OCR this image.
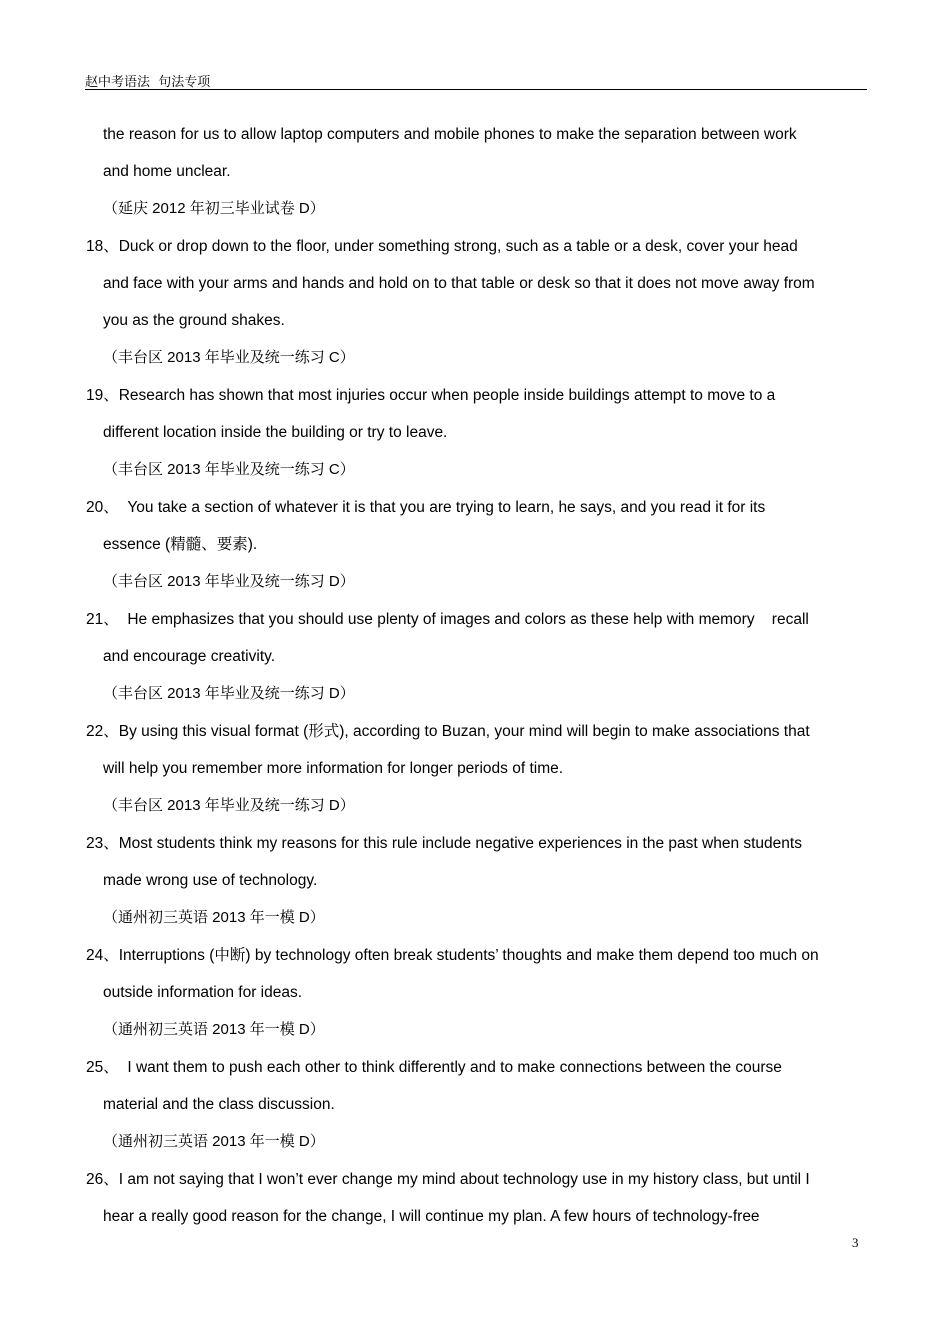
赵中考语法  句法专项
the reason for us to allow laptop computers and mobile phones to make the separation between work
and home unclear.
（延庆 2012 年初三毕业试卷 D）
18、Duck or drop down to the floor, under something strong, such as a table or a desk, cover your head
and face with your arms and hands and hold on to that table or desk so that it does not move away from
you as the ground shakes.
（丰台区 2013 年毕业及统一练习 C）
19、Research has shown that most injuries occur when people inside buildings attempt to move to a
different location inside the building or try to leave.
（丰台区 2013 年毕业及统一练习 C）
20、  You take a section of whatever it is that you are trying to learn, he says, and you read it for its
essence (精髓、要素).
（丰台区 2013 年毕业及统一练习 D）
21、  He emphasizes that you should use plenty of images and colors as these help with memory    recall
and encourage creativity.
（丰台区 2013 年毕业及统一练习 D）
22、By using this visual format (形式), according to Buzan, your mind will begin to make associations that
will help you remember more information for longer periods of time.
（丰台区 2013 年毕业及统一练习 D）
23、Most students think my reasons for this rule include negative experiences in the past when students
made wrong use of technology.
（通州初三英语 2013 年一模 D）
24、Interruptions (中断) by technology often break students’ thoughts and make them depend too much on
outside information for ideas.
（通州初三英语 2013 年一模 D）
25、  I want them to push each other to think differently and to make connections between the course
material and the class discussion.
（通州初三英语 2013 年一模 D）
26、I am not saying that I won’t ever change my mind about technology use in my history class, but until I
hear a really good reason for the change, I will continue my plan. A few hours of technology-free
3
